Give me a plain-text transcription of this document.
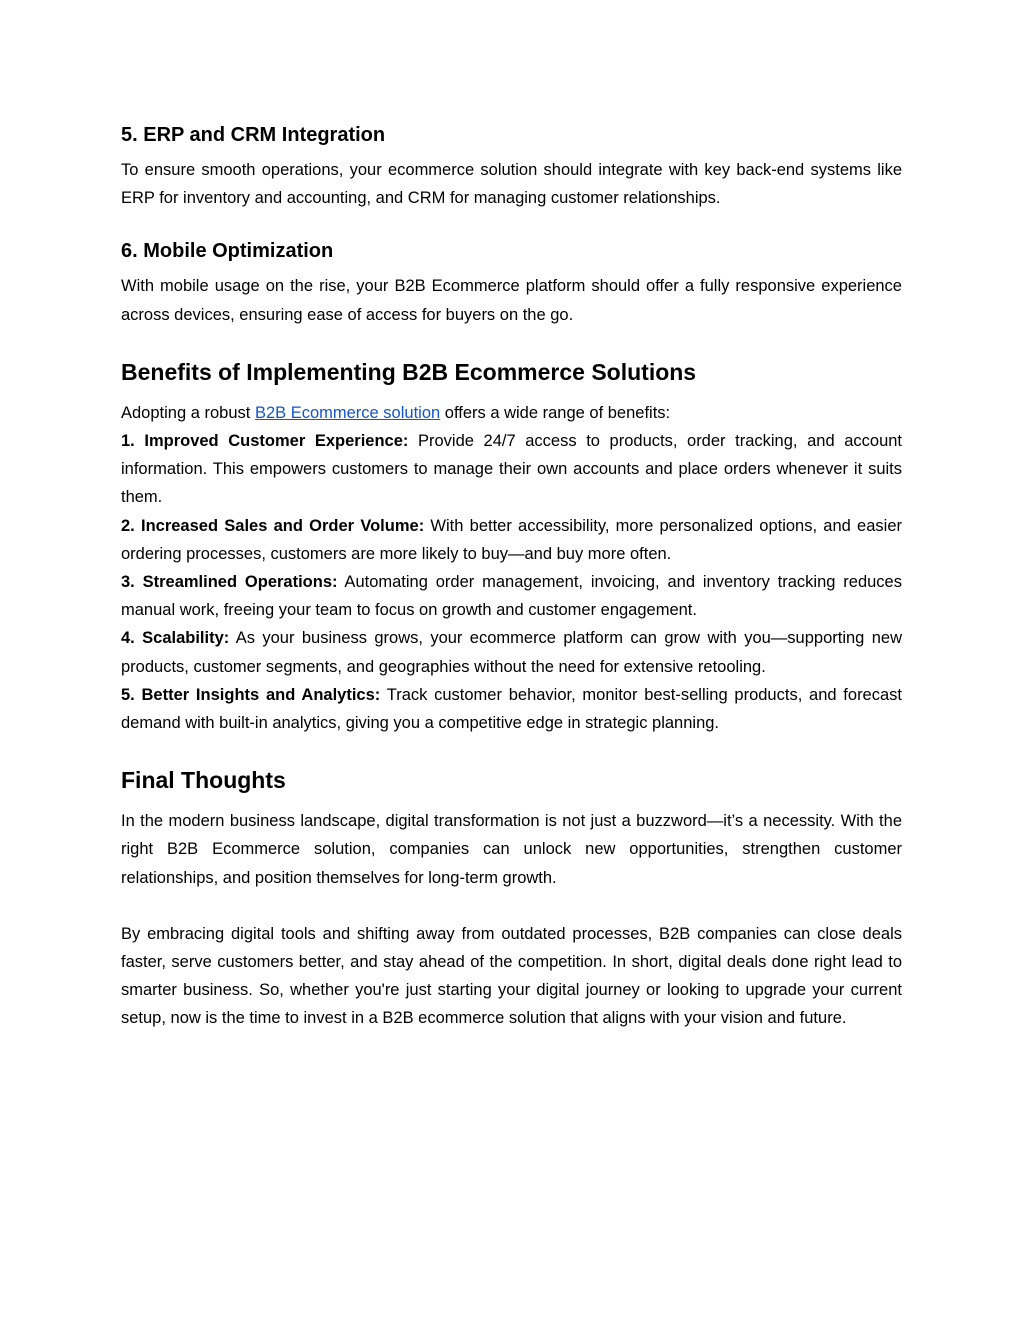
5. ERP and CRM Integration

To ensure smooth operations, your ecommerce solution should integrate with key back-end systems like ERP for inventory and accounting, and CRM for managing customer relationships.

6. Mobile Optimization

With mobile usage on the rise, your B2B Ecommerce platform should offer a fully responsive experience across devices, ensuring ease of access for buyers on the go.

Benefits of Implementing B2B Ecommerce Solutions

Adopting a robust B2B Ecommerce solution offers a wide range of benefits:

1. Improved Customer Experience: Provide 24/7 access to products, order tracking, and account information. This empowers customers to manage their own accounts and place orders whenever it suits them.

2. Increased Sales and Order Volume: With better accessibility, more personalized options, and easier ordering processes, customers are more likely to buy—and buy more often.

3. Streamlined Operations: Automating order management, invoicing, and inventory tracking reduces manual work, freeing your team to focus on growth and customer engagement.

4. Scalability: As your business grows, your ecommerce platform can grow with you—supporting new products, customer segments, and geographies without the need for extensive retooling.

5. Better Insights and Analytics: Track customer behavior, monitor best-selling products, and forecast demand with built-in analytics, giving you a competitive edge in strategic planning.

Final Thoughts

In the modern business landscape, digital transformation is not just a buzzword—it’s a necessity. With the right B2B Ecommerce solution, companies can unlock new opportunities, strengthen customer relationships, and position themselves for long-term growth.

By embracing digital tools and shifting away from outdated processes, B2B companies can close deals faster, serve customers better, and stay ahead of the competition. In short, digital deals done right lead to smarter business. So, whether you're just starting your digital journey or looking to upgrade your current setup, now is the time to invest in a B2B ecommerce solution that aligns with your vision and future.
